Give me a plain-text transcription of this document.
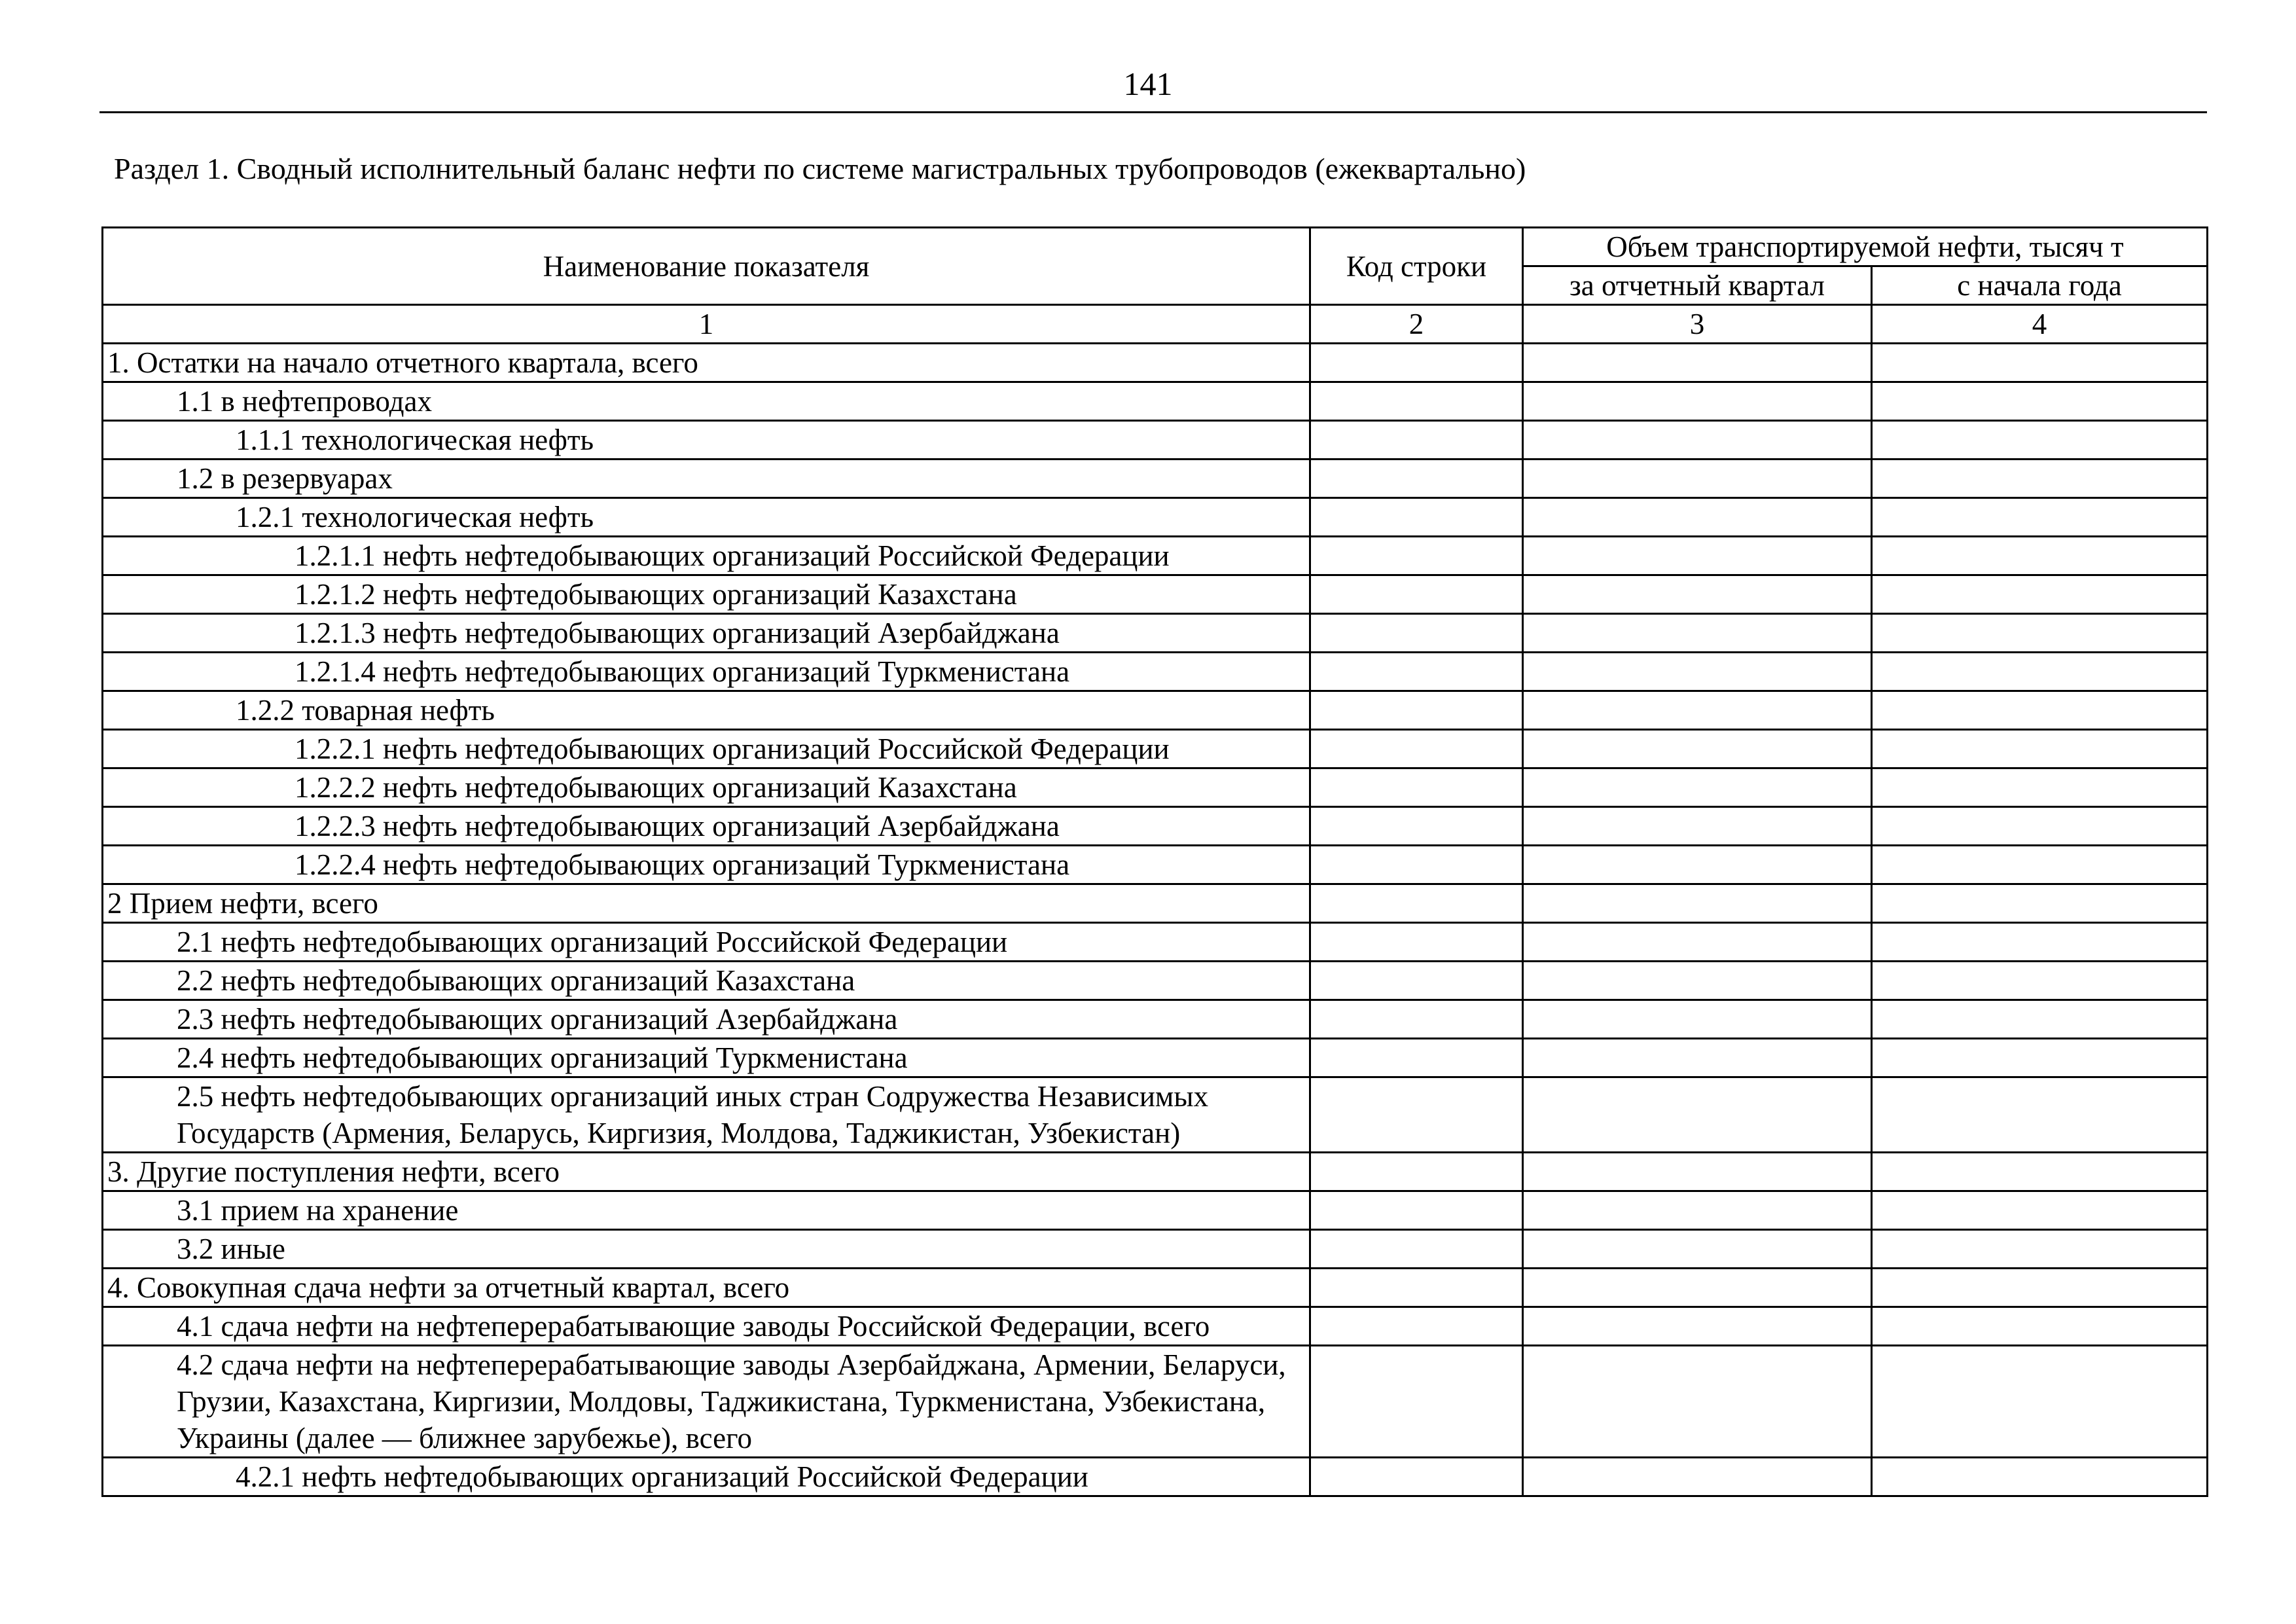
141
Раздел 1. Сводный исполнительный баланс нефти по системе магистральных трубопроводов (ежеквартально)
Наименование показателя	Код строки	Объем транспортируемой нефти, тысяч т	
		за отчетный квартал	с начала года
1	2	3	4
1. Остатки на начало отчетного квартала, всего			
1.1 в нефтепроводах			
1.1.1 технологическая нефть			
1.2 в резервуарах			
1.2.1 технологическая нефть			
1.2.1.1 нефть нефтедобывающих организаций Российской Федерации			
1.2.1.2 нефть нефтедобывающих организаций Казахстана			
1.2.1.3 нефть нефтедобывающих организаций Азербайджана			
1.2.1.4 нефть нефтедобывающих организаций Туркменистана			
1.2.2 товарная нефть			
1.2.2.1 нефть нефтедобывающих организаций Российской Федерации			
1.2.2.2 нефть нефтедобывающих организаций Казахстана			
1.2.2.3 нефть нефтедобывающих организаций Азербайджана			
1.2.2.4 нефть нефтедобывающих организаций Туркменистана			
2 Прием нефти, всего			
2.1 нефть нефтедобывающих организаций Российской Федерации			
2.2 нефть нефтедобывающих организаций Казахстана			
2.3 нефть нефтедобывающих организаций Азербайджана			
2.4 нефть нефтедобывающих организаций Туркменистана			
2.5 нефть нефтедобывающих организаций иных стран Содружества Независимых Государств (Армения, Беларусь, Киргизия, Молдова, Таджикистан, Узбекистан)			
3. Другие поступления нефти, всего			
3.1 прием на хранение			
3.2 иные			
4. Совокупная сдача нефти за отчетный квартал, всего			
4.1 сдача нефти на нефтеперерабатывающие заводы Российской Федерации, всего			
4.2 сдача нефти на нефтеперерабатывающие заводы Азербайджана, Армении, Беларуси, Грузии, Казахстана, Киргизии, Молдовы, Таджикистана, Туркменистана, Узбекистана, Украины (далее — ближнее зарубежье), всего			
4.2.1 нефть нефтедобывающих организаций Российской Федерации			
